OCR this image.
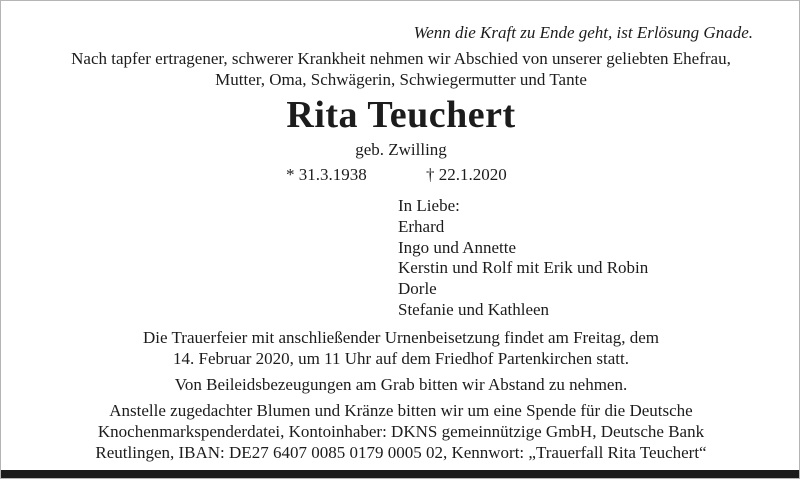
Wenn die Kraft zu Ende geht, ist Erlösung Gnade.
Nach tapfer ertragener, schwerer Krankheit nehmen wir Abschied von unserer geliebten Ehefrau,
Mutter, Oma, Schwägerin, Schwiegermutter und Tante
Rita Teuchert
geb. Zwilling
* 31.3.1938	† 22.1.2020
In Liebe:
Erhard
Ingo und Annette
Kerstin und Rolf mit Erik und Robin
Dorle
Stefanie und Kathleen
Die Trauerfeier mit anschließender Urnenbeisetzung findet am Freitag, dem
14. Februar 2020, um 11 Uhr auf dem Friedhof Partenkirchen statt.
Von Beileidsbezeugungen am Grab bitten wir Abstand zu nehmen.
Anstelle zugedachter Blumen und Kränze bitten wir um eine Spende für die Deutsche
Knochenmarkspenderdatei, Kontoinhaber: DKNS gemeinnützige GmbH, Deutsche Bank
Reutlingen, IBAN: DE27 6407 0085 0179 0005 02, Kennwort: „Trauerfall Rita Teuchert“
